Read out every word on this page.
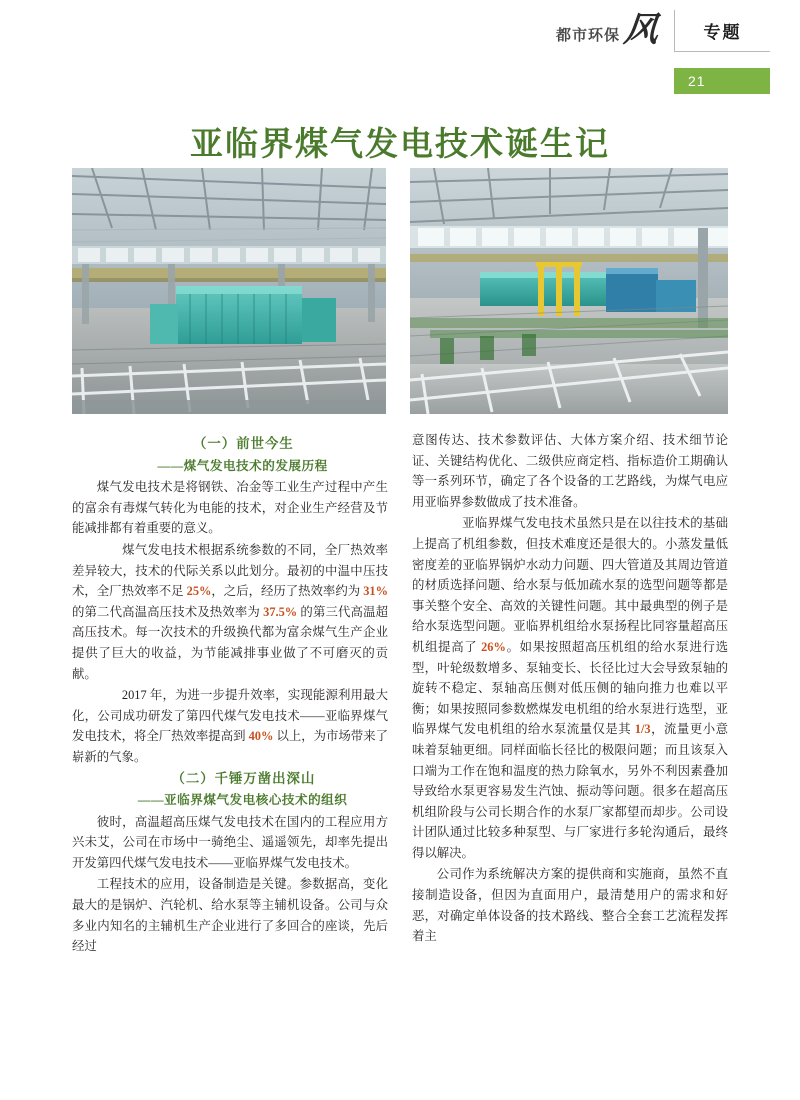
都市环保 风	专题
21
亚临界煤气发电技术诞生记

（一）前世今生

——煤气发电技术的发展历程

煤气发电技术是将钢铁、冶金等工业生产过程中产生的富余有毒煤气转化为电能的技术，对企业生产经营及节能减排都有着重要的意义。

　　煤气发电技术根据系统参数的不同，全厂热效率差异较大，技术的代际关系以此划分。最初的中温中压技术，全厂热效率不足 25%，之后，经历了热效率约为 31% 的第二代高温高压技术及热效率为 37.5% 的第三代高温超高压技术。每一次技术的升级换代都为富余煤气生产企业提供了巨大的收益，为节能减排事业做了不可磨灭的贡献。

　　2017 年，为进一步提升效率，实现能源利用最大化，公司成功研发了第四代煤气发电技术——亚临界煤气发电技术，将全厂热效率提高到 40% 以上，为市场带来了崭新的气象。

（二）千锤万凿出深山

——亚临界煤气发电核心技术的组织

彼时，高温超高压煤气发电技术在国内的工程应用方兴未艾，公司在市场中一骑绝尘、遥遥领先，却率先提出开发第四代煤气发电技术——亚临界煤气发电技术。

工程技术的应用，设备制造是关键。参数据高，变化最大的是锅炉、汽轮机、给水泵等主辅机设备。公司与众多业内知名的主辅机生产企业进行了多回合的座谈，先后经过

意图传达、技术参数评估、大体方案介绍、技术细节论证、关键结构优化、二级供应商定档、指标造价工期确认等一系列环节，确定了各个设备的工艺路线，为煤气电应用亚临界参数做成了技术准备。

　　亚临界煤气发电技术虽然只是在以往技术的基础上提高了机组参数，但技术难度还是很大的。小蒸发量低密度差的亚临界锅炉水动力问题、四大管道及其周边管道的材质选择问题、给水泵与低加疏水泵的选型问题等都是事关整个安全、高效的关键性问题。其中最典型的例子是给水泵选型问题。亚临界机组给水泵扬程比同容量超高压机组提高了 26%。如果按照超高压机组的给水泵进行选型，叶轮级数增多、泵轴变长、长径比过大会导致泵轴的旋转不稳定、泵轴高压侧对低压侧的轴向推力也难以平衡；如果按照同参数燃煤发电机组的给水泵进行选型，亚临界煤气发电机组的给水泵流量仅是其 1/3，流量更小意味着泵轴更细。同样面临长径比的极限问题；而且该泵入口端为工作在饱和温度的热力除氧水，另外不利因素叠加导致给水泵更容易发生汽蚀、振动等问题。很多在超高压机组阶段与公司长期合作的水泵厂家都望而却步。公司设计团队通过比较多种泵型、与厂家进行多轮沟通后，最终得以解决。

公司作为系统解决方案的提供商和实施商，虽然不直接制造设备，但因为直面用户，最清楚用户的需求和好恶，对确定单体设备的技术路线、整合全套工艺流程发挥着主
